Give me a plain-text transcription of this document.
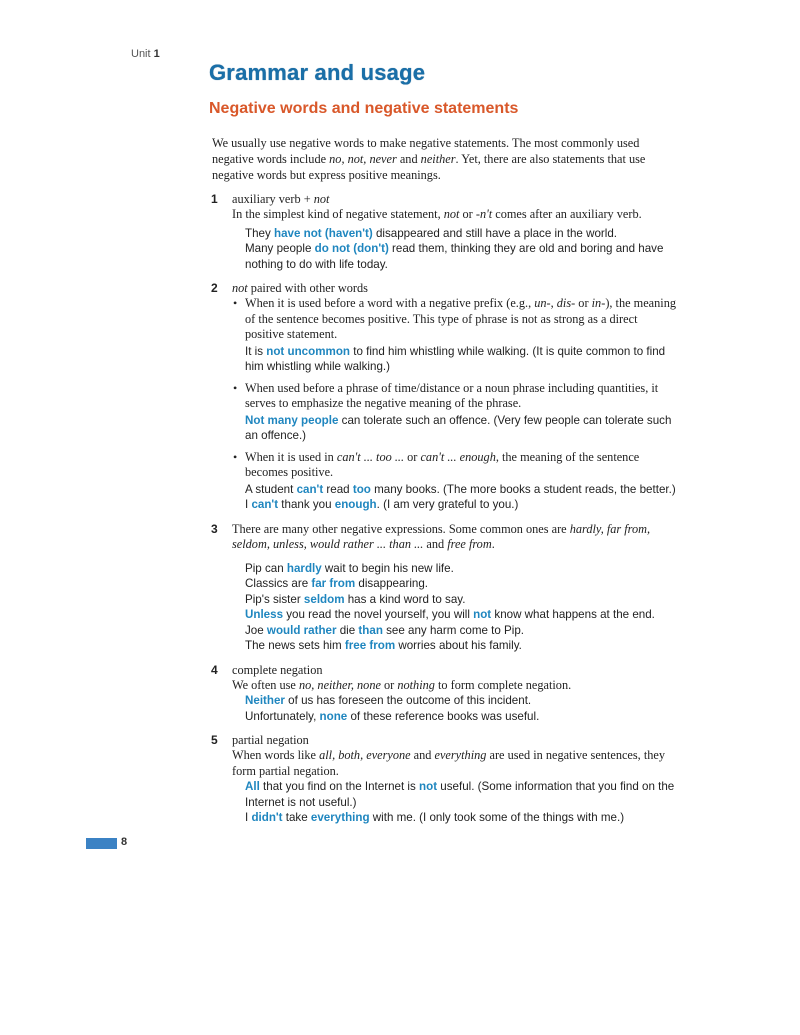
Unit 1
Grammar and usage
Negative words and negative statements

We usually use negative words to make negative statements. The most commonly used negative words include no, not, never and neither. Yet, there are also statements that use negative words but express positive meanings.

1 auxiliary verb + not
In the simplest kind of negative statement, not or -n't comes after an auxiliary verb.

They have not (haven't) disappeared and still have a place in the world.

Many people do not (don't) read them, thinking they are old and boring and have nothing to do with life today.

2 not paired with other words
• When it is used before a word with a negative prefix (e.g., un-, dis- or in-), the meaning of the sentence becomes positive. This type of phrase is not as strong as a direct positive statement.

It is not uncommon to find him whistling while walking. (It is quite common to find him whistling while walking.)

• When used before a phrase of time/distance or a noun phrase including quantities, it serves to emphasize the negative meaning of the phrase.

Not many people can tolerate such an offence. (Very few people can tolerate such an offence.)

• When it is used in can't ... too ... or can't ... enough, the meaning of the sentence becomes positive.

A student can't read too many books. (The more books a student reads, the better.)

I can't thank you enough. (I am very grateful to you.)

3 There are many other negative expressions. Some common ones are hardly, far from, seldom, unless, would rather ... than ... and free from.

Pip can hardly wait to begin his new life.

Classics are far from disappearing.

Pip's sister seldom has a kind word to say.

Unless you read the novel yourself, you will not know what happens at the end.

Joe would rather die than see any harm come to Pip.

The news sets him free from worries about his family.

4 complete negation
We often use no, neither, none or nothing to form complete negation.

Neither of us has foreseen the outcome of this incident.

Unfortunately, none of these reference books was useful.

5 partial negation
When words like all, both, everyone and everything are used in negative sentences, they form partial negation.

All that you find on the Internet is not useful. (Some information that you find on the Internet is not useful.)

I didn't take everything with me. (I only took some of the things with me.)

8
